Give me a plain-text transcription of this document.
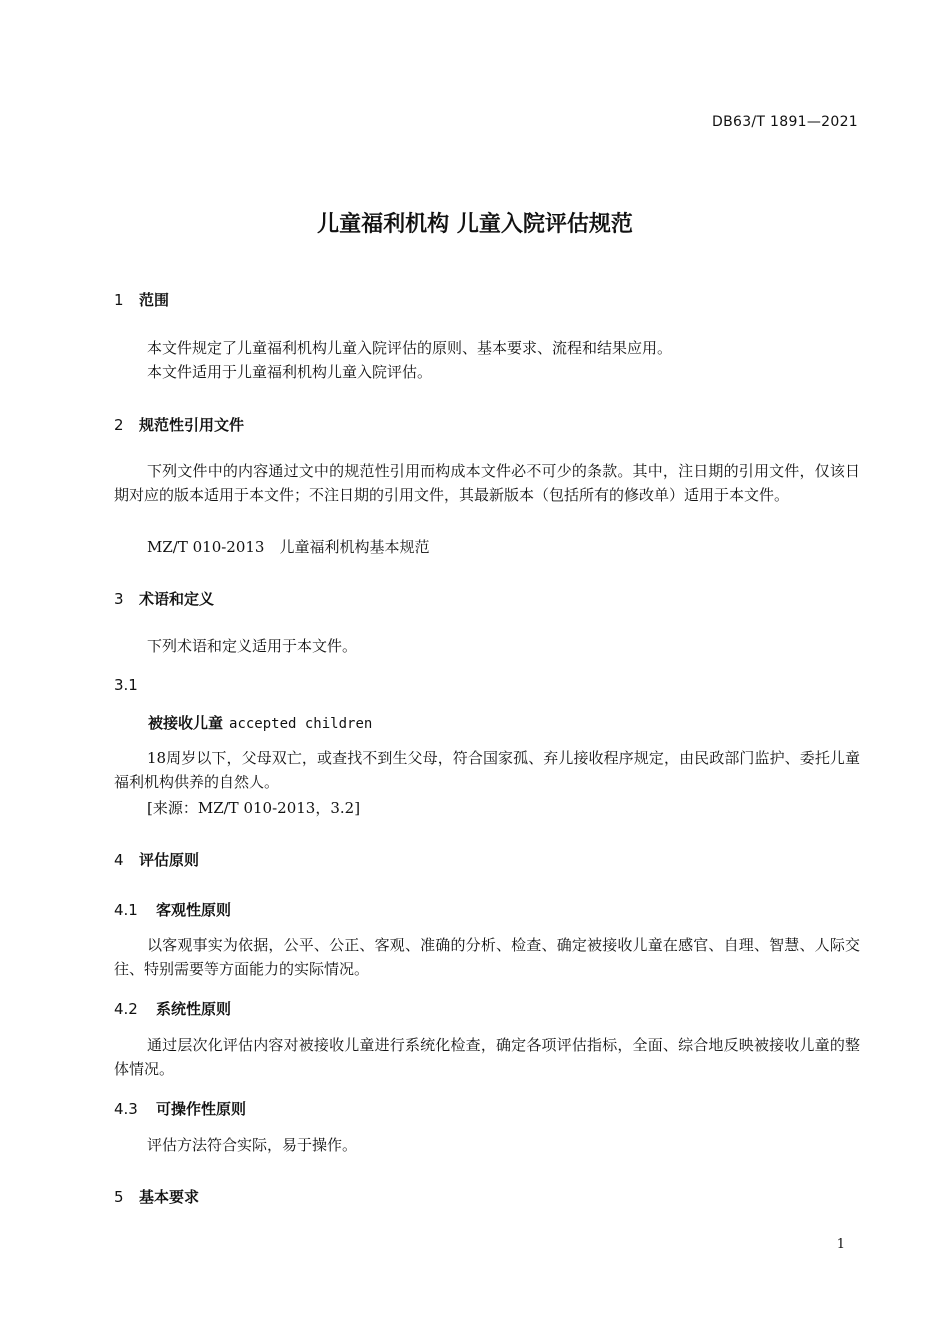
DB63/T 1891—2021
儿童福利机构 儿童入院评估规范
1 范围
本文件规定了儿童福利机构儿童入院评估的原则、基本要求、流程和结果应用。
本文件适用于儿童福利机构儿童入院评估。
2 规范性引用文件
下列文件中的内容通过文中的规范性引用而构成本文件必不可少的条款。其中，注日期的引用文件，仅该日期对应的版本适用于本文件；不注日期的引用文件，其最新版本（包括所有的修改单）适用于本文件。
MZ/T 010-2013　儿童福利机构基本规范
3 术语和定义
下列术语和定义适用于本文件。
3.1
被接收儿童 accepted children
18周岁以下，父母双亡，或查找不到生父母，符合国家孤、弃儿接收程序规定，由民政部门监护、委托儿童福利机构供养的自然人。
[来源：MZ/T 010-2013，3.2]
4 评估原则
4.1 客观性原则
以客观事实为依据，公平、公正、客观、准确的分析、检查、确定被接收儿童在感官、自理、智慧、人际交往、特别需要等方面能力的实际情况。
4.2 系统性原则
通过层次化评估内容对被接收儿童进行系统化检查，确定各项评估指标，全面、综合地反映被接收儿童的整体情况。
4.3 可操作性原则
评估方法符合实际，易于操作。
5 基本要求
1
